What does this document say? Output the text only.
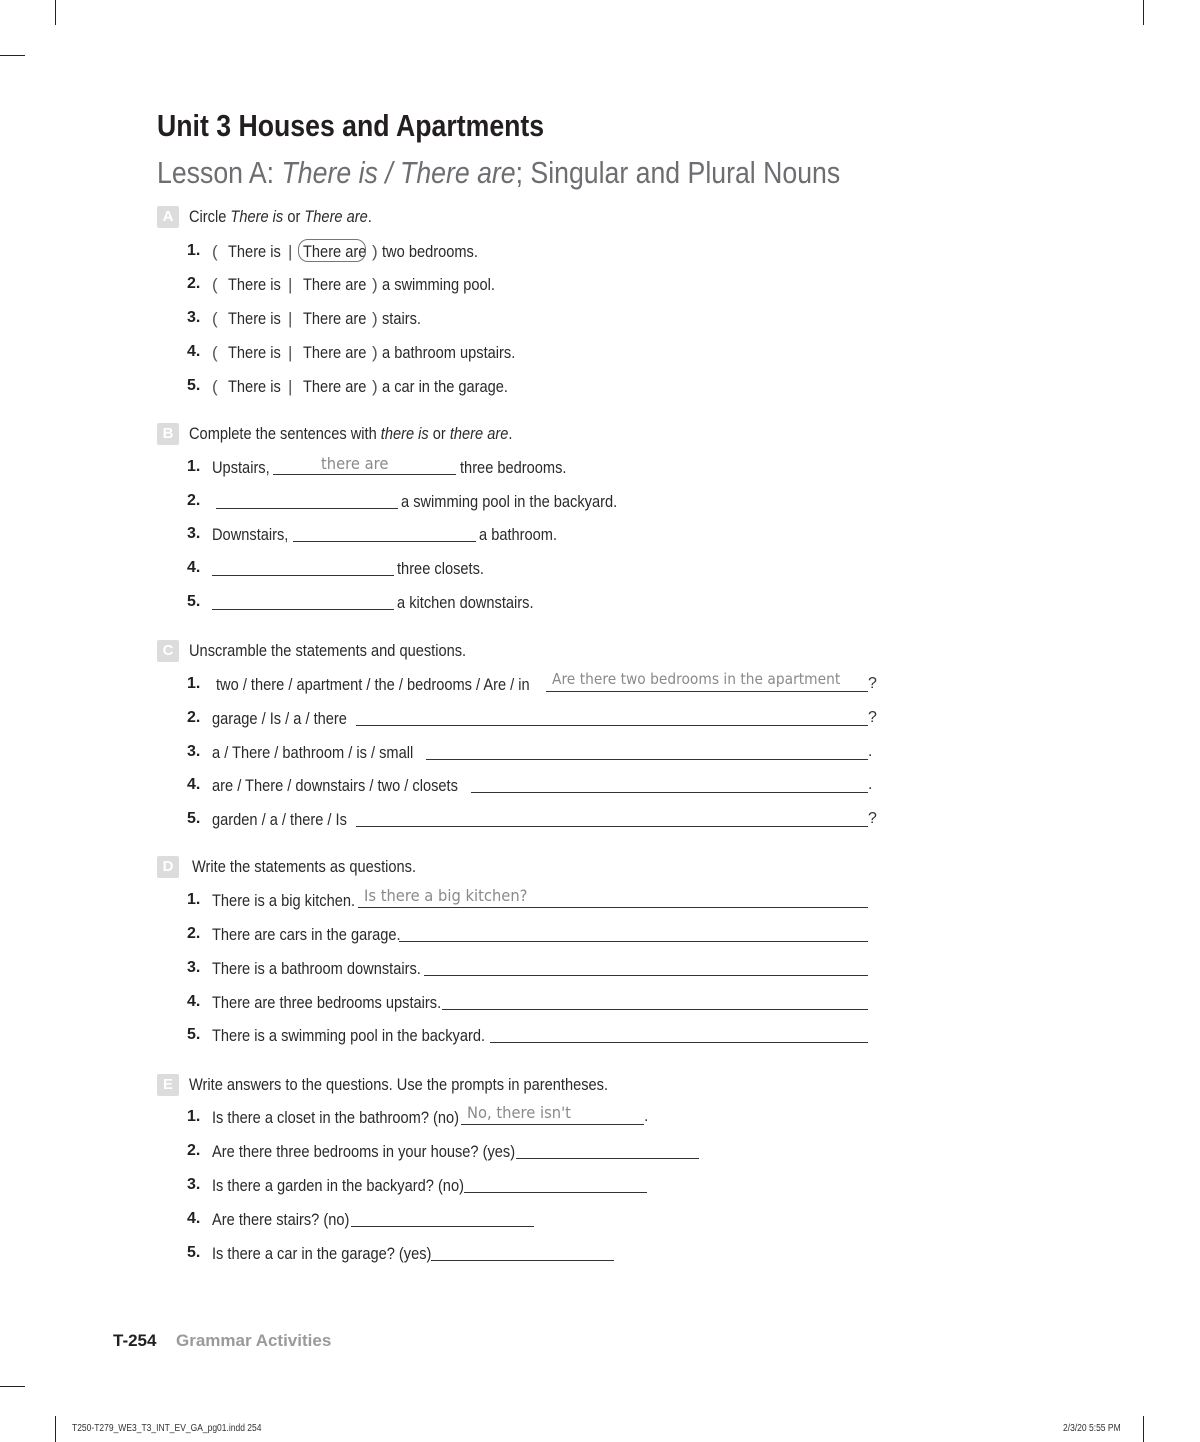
Unit 3 Houses and Apartments
Lesson A: There is / There are; Singular and Plural Nouns
A Circle There is or There are.
B Complete the sentences with there is or there are.
C Unscramble the statements and questions.
D	Write the statements as questions.
E Write answers to the questions. Use the prompts in parentheses.
1. ( There is | There are ) two bedrooms.
2. ( There is | There are ) a swimming pool.
3. ( There is | There are ) stairs.
4. ( There is | There are ) a bathroom upstairs.
5. ( There is | There are ) a car in the garage.
1. Upstairs,	there are	three bedrooms.
2.	a swimming pool in the backyard.
3. Downstairs,	a bathroom.
4.	three closets.
5.	a kitchen downstairs.
1. two / there / apartment / the / bedrooms / Are / in Are there two bedrooms in the apartment ?
2. garage / Is / a / there	?
3. a / There / bathroom / is / small	.
4. are / There / downstairs / two / closets	.
5. garden / a / there / Is	?
1. There is a big kitchen. Is there a big kitchen?
2. There are cars in the garage.
3. There is a bathroom downstairs.
4. There are three bedrooms upstairs.
5. There is a swimming pool in the backyard.
1. Is there a closet in the bathroom? (no) No, there isn't	.
2. Are there three bedrooms in your house? (yes)
3. Is there a garden in the backyard? (no)
4. Are there stairs? (no)
5. Is there a car in the garage? (yes)
T-254 Grammar Activities
T250-T279_WE3_T3_INT_EV_GA_pg01.indd 254	2/3/20 5:55 PM
